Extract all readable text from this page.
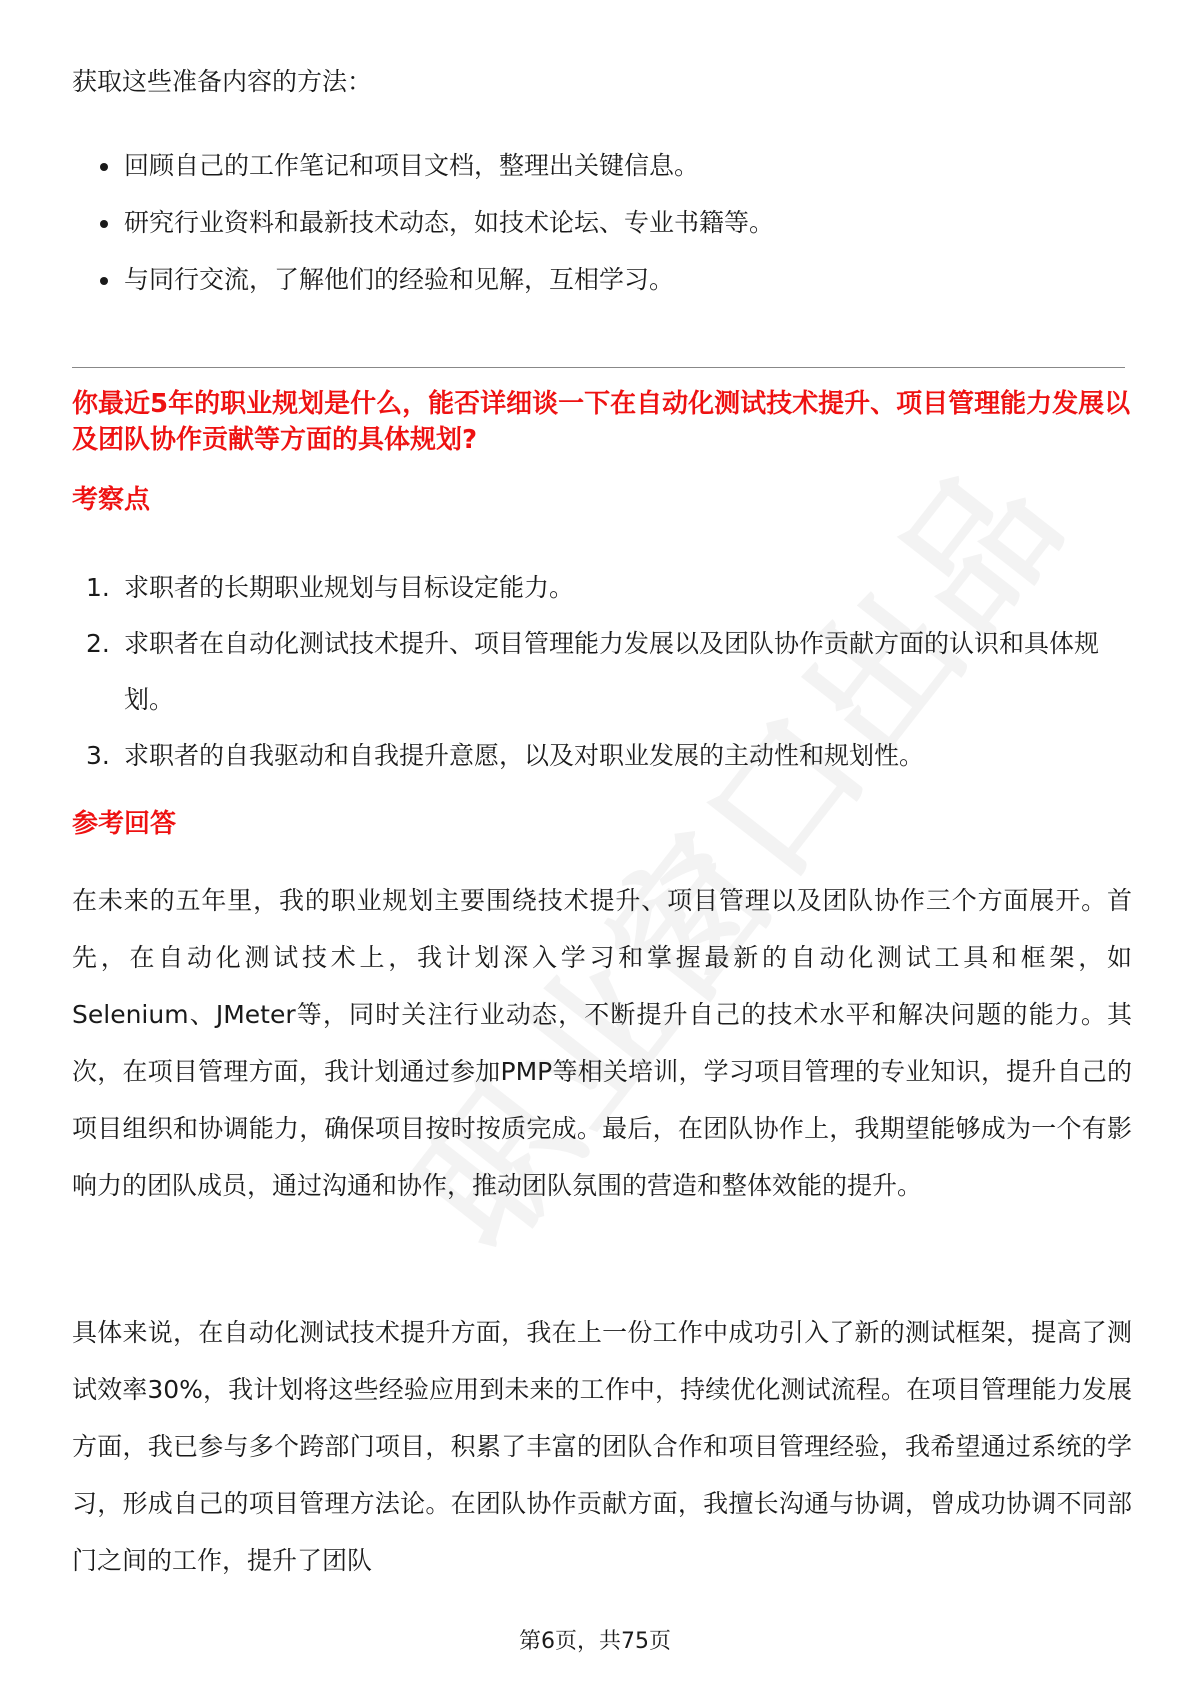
获取这些准备内容的方法：
回顾自己的工作笔记和项目文档，整理出关键信息。
研究行业资料和最新技术动态，如技术论坛、专业书籍等。
与同行交流，了解他们的经验和见解，互相学习。
你最近5年的职业规划是什么，能否详细谈一下在自动化测试技术提升、项目管理能力发展以及团队协作贡献等方面的具体规划?
考察点
1. 求职者的长期职业规划与目标设定能力。
2. 求职者在自动化测试技术提升、项目管理能力发展以及团队协作贡献方面的认识和具体规划。
3. 求职者的自我驱动和自我提升意愿，以及对职业发展的主动性和规划性。
参考回答

在未来的五年里，我的职业规划主要围绕技术提升、项目管理以及团队协作三个方面展开。首先，在自动化测试技术上，我计划深入学习和掌握最新的自动化测试工具和框架，如Selenium、JMeter等，同时关注行业动态，不断提升自己的技术水平和解决问题的能力。其次，在项目管理方面，我计划通过参加PMP等相关培训，学习项目管理的专业知识，提升自己的项目组织和协调能力，确保项目按时按质完成。最后，在团队协作上，我期望能够成为一个有影响力的团队成员，通过沟通和协作，推动团队氛围的营造和整体效能的提升。

具体来说，在自动化测试技术提升方面，我在上一份工作中成功引入了新的测试框架，提高了测试效率30%，我计划将这些经验应用到未来的工作中，持续优化测试流程。在项目管理能力发展方面，我已参与多个跨部门项目，积累了丰富的团队合作和项目管理经验，我希望通过系统的学习，形成自己的项目管理方法论。在团队协作贡献方面，我擅长沟通与协调，曾成功协调不同部门之间的工作，提升了团队

第6页，共75页
